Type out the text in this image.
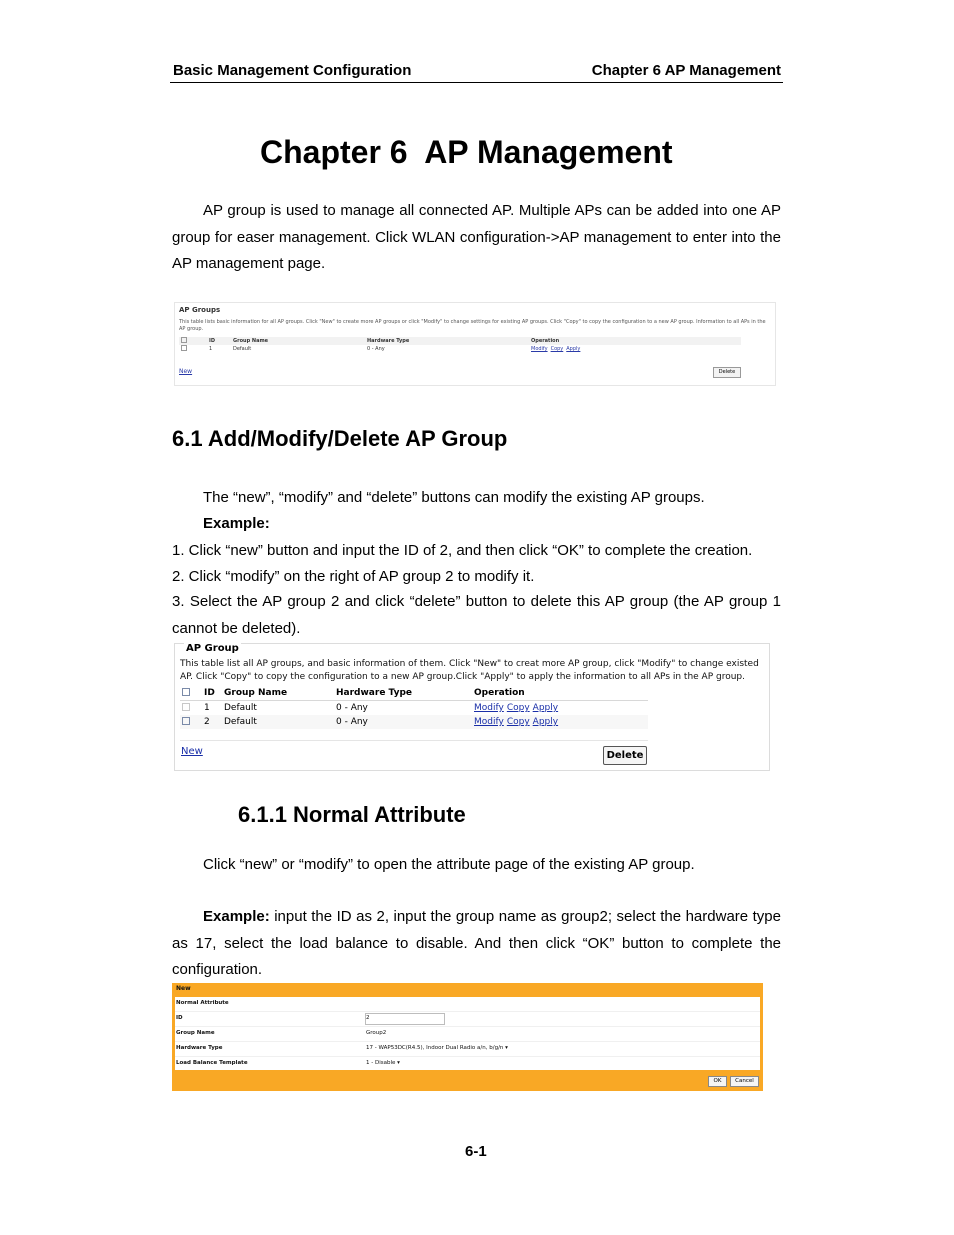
Basic Management Configuration	Chapter 6 AP Management
Chapter 6  AP Management

AP group is used to manage all connected AP. Multiple APs can be added into one AP group for easer management. Click WLAN configuration->AP management to enter into the AP management page.

AP Groups
This table lists basic information for all AP groups. Click "New" to create more AP groups or click "Modify" to change settings for existing AP groups. Click "Copy" to copy the configuration to a new AP group. Information to all APs in the AP group.
	ID	Group Name	Hardware Type	Operation
	1	Default	0 - Any	Modify Copy Apply
New	Delete
6.1 Add/Modify/Delete AP Group
The “new”, “modify” and “delete” buttons can modify the existing AP groups.
Example:
1. Click “new” button and input the ID of 2, and then click “OK” to complete the creation.
2. Click “modify” on the right of AP group 2 to modify it.

3. Select the AP group 2 and click “delete” button to delete this AP group (the AP group 1 cannot be deleted).

AP Group
This table list all AP groups, and basic information of them. Click "New" to creat more AP group, click "Modify" to change existed AP. Click "Copy" to copy the configuration to a new AP group.Click "Apply" to apply the information to all APs in the AP group.
	ID	Group Name	Hardware Type	Operation
	1	Default	0 - Any	Modify Copy Apply
	2	Default	0 - Any	Modify Copy Apply
New	Delete
6.1.1 Normal Attribute
Click “new” or “modify” to open the attribute page of the existing AP group.

Example: input the ID as 2, input the group name as group2; select the hardware type as 17, select the load balance to disable. And then click “OK” button to complete the configuration.

New
Normal Attribute
ID	2
Group Name	Group2
Hardware Type	17 - WAP53DC(R4.5), Indoor Dual Radio a/n, b/g/n ▾
Load Balance Template	1 - Disable ▾
OK	Cancel
6-1
